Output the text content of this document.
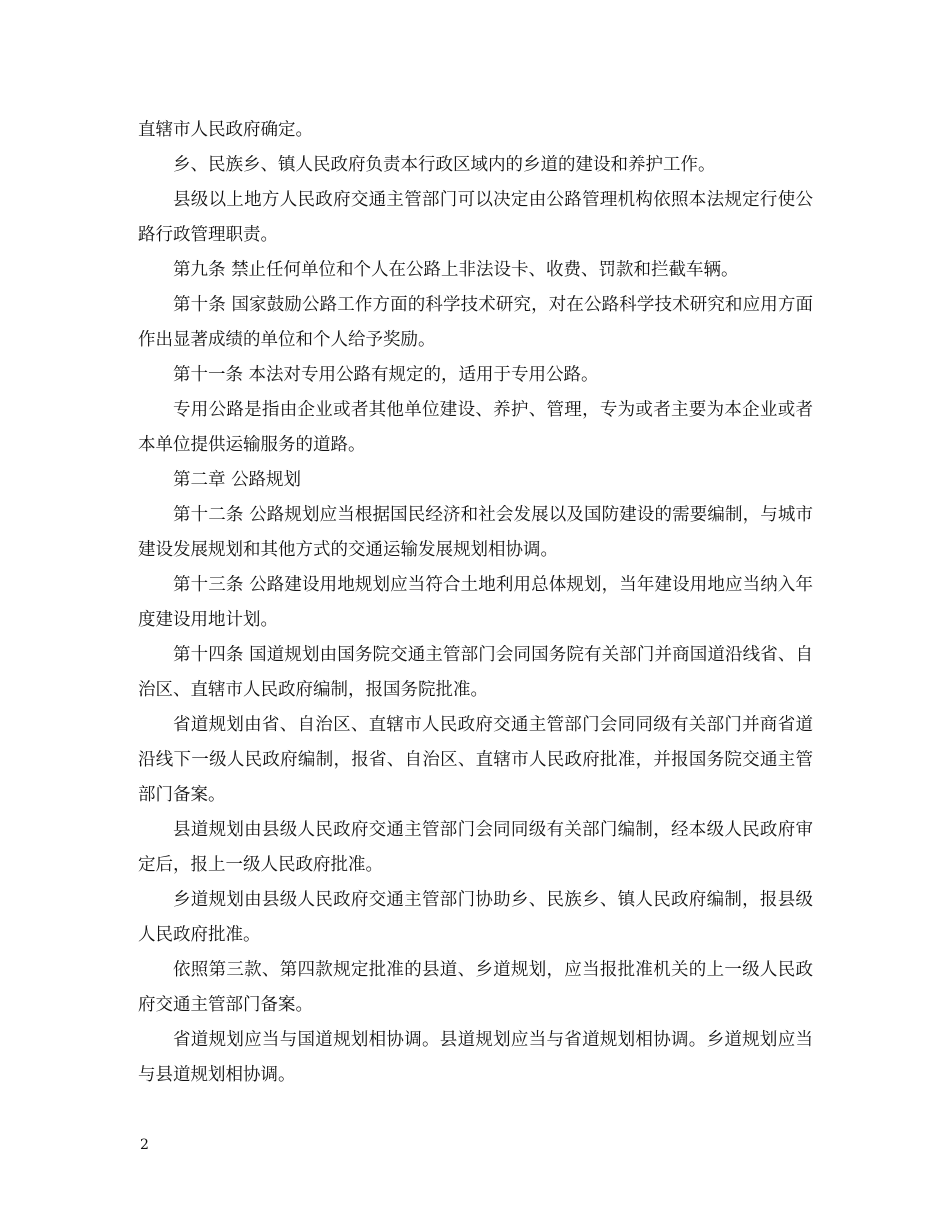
直辖市人民政府确定。

乡、民族乡、镇人民政府负责本行政区域内的乡道的建设和养护工作。

县级以上地方人民政府交通主管部门可以决定由公路管理机构依照本法规定行使公路行政管理职责。

第九条 禁止任何单位和个人在公路上非法设卡、收费、罚款和拦截车辆。

第十条 国家鼓励公路工作方面的科学技术研究，对在公路科学技术研究和应用方面作出显著成绩的单位和个人给予奖励。

第十一条 本法对专用公路有规定的，适用于专用公路。

专用公路是指由企业或者其他单位建设、养护、管理，专为或者主要为本企业或者本单位提供运输服务的道路。

第二章 公路规划

第十二条 公路规划应当根据国民经济和社会发展以及国防建设的需要编制，与城市建设发展规划和其他方式的交通运输发展规划相协调。

第十三条 公路建设用地规划应当符合土地利用总体规划，当年建设用地应当纳入年度建设用地计划。

第十四条 国道规划由国务院交通主管部门会同国务院有关部门并商国道沿线省、自治区、直辖市人民政府编制，报国务院批准。

省道规划由省、自治区、直辖市人民政府交通主管部门会同同级有关部门并商省道沿线下一级人民政府编制，报省、自治区、直辖市人民政府批准，并报国务院交通主管部门备案。

县道规划由县级人民政府交通主管部门会同同级有关部门编制，经本级人民政府审定后，报上一级人民政府批准。

乡道规划由县级人民政府交通主管部门协助乡、民族乡、镇人民政府编制，报县级人民政府批准。

依照第三款、第四款规定批准的县道、乡道规划，应当报批准机关的上一级人民政府交通主管部门备案。

省道规划应当与国道规划相协调。县道规划应当与省道规划相协调。乡道规划应当与县道规划相协调。

2
